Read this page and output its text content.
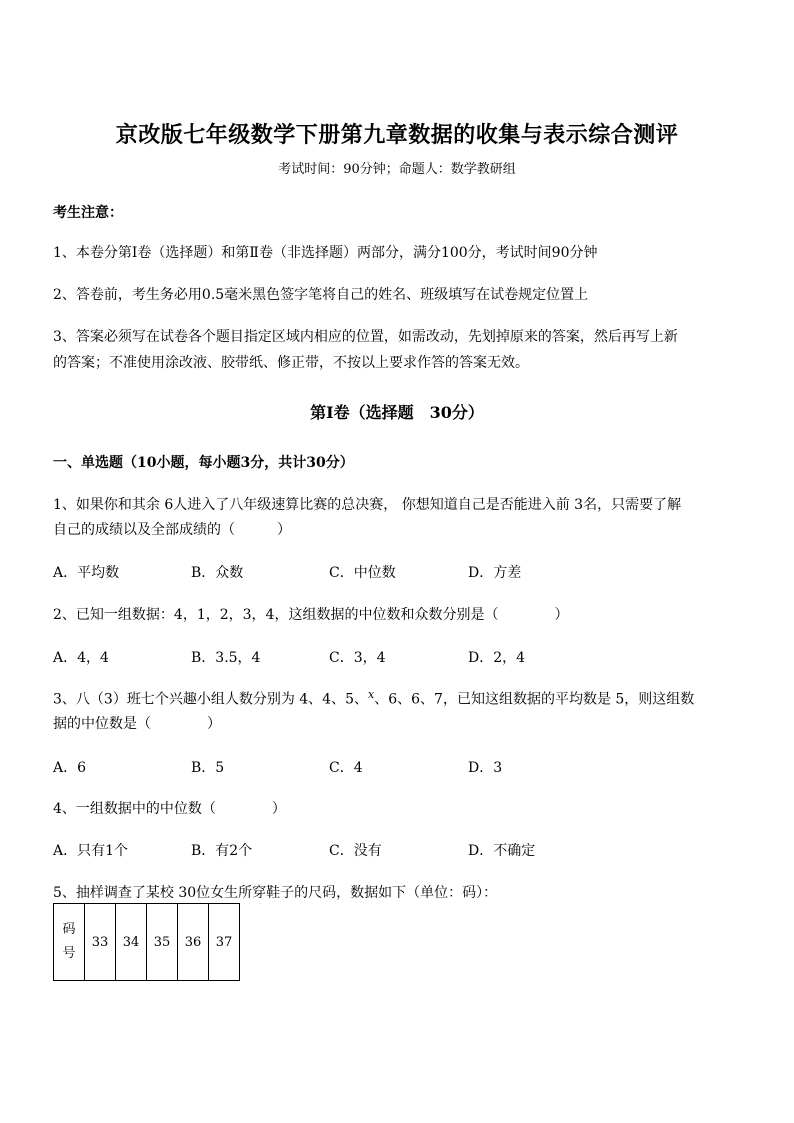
京改版七年级数学下册第九章数据的收集与表示综合测评
考试时间：90分钟；命题人：数学教研组
考生注意：
1、本卷分第Ⅰ卷（选择题）和第Ⅱ卷（非选择题）两部分，满分100分，考试时间90分钟
2、答卷前，考生务必用0.5毫米黑色签字笔将自己的姓名、班级填写在试卷规定位置上
3、答案必须写在试卷各个题目指定区域内相应的位置，如需改动，先划掉原来的答案，然后再写上新
的答案；不准使用涂改液、胶带纸、修正带，不按以上要求作答的答案无效。
第Ⅰ卷（选择题　30分）
一、单选题（10小题，每小题3分，共计30分）
1、如果你和其余 6人进入了八年级速算比赛的总决赛， 你想知道自己是否能进入前 3名，只需要了解
自己的成绩以及全部成绩的（　　　）
A．平均数	B．众数	C．中位数	D．方差
2、已知一组数据：4，1，2，3，4，这组数据的中位数和众数分别是（　　　　）
A．4，4	B．3.5，4	C．3，4	D．2，4
3、八（3）班七个兴趣小组人数分别为 4、4、5、$^x$、6、6、7，已知这组数据的平均数是 5，则这组数
据的中位数是（　　　　）
A．6	B．5	C．4	D．3
4、一组数据中的中位数（　　　　）
A．只有1个	B．有2个	C．没有	D．不确定
5、抽样调查了某校 30位女生所穿鞋子的尺码，数据如下（单位：码）：
码
号	33	34	35	36	37
